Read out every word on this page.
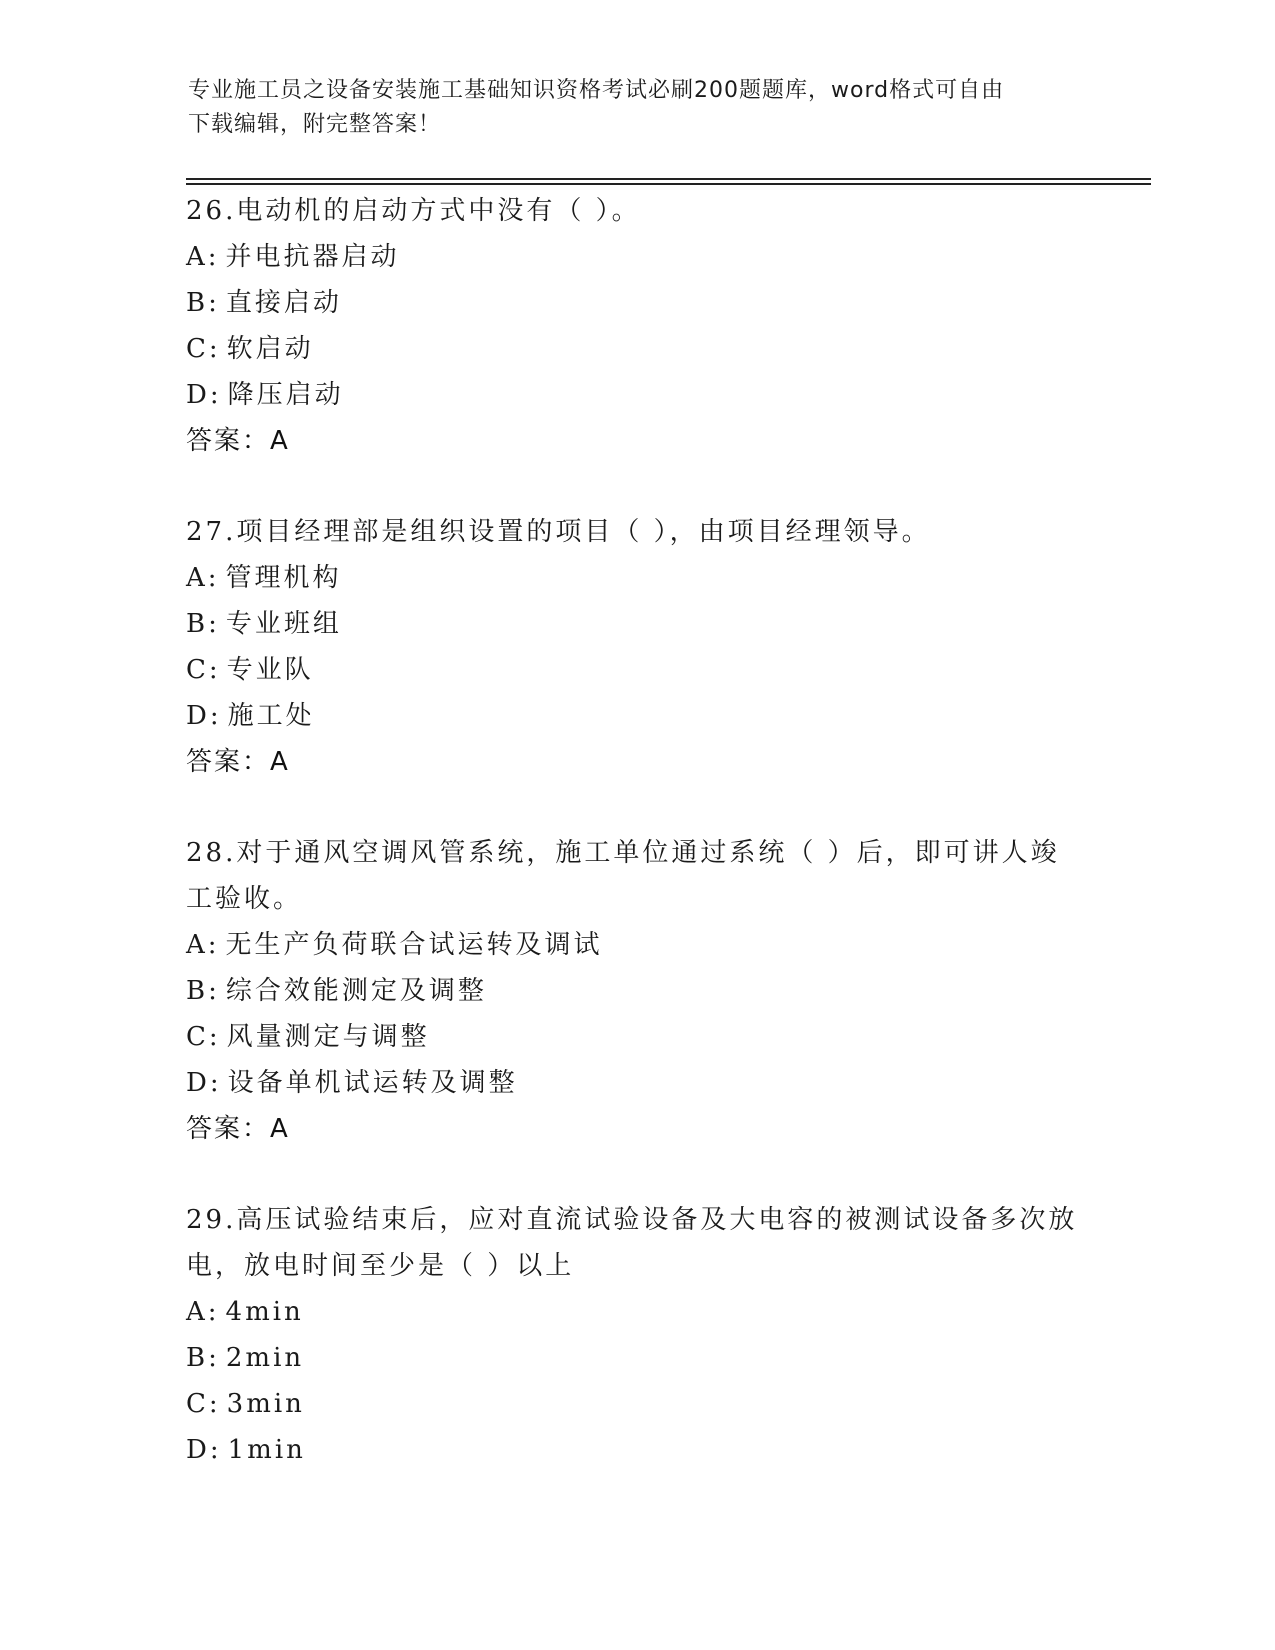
专业施工员之设备安装施工基础知识资格考试必刷200题题库，word格式可自由
下载编辑，附完整答案！
26.电动机的启动方式中没有（ ）。
A: 并电抗器启动
B: 直接启动
C: 软启动
D: 降压启动
答案：A
27.项目经理部是组织设置的项目（ ），由项目经理领导。
A: 管理机构
B: 专业班组
C: 专业队
D: 施工处
答案：A
28.对于通风空调风管系统，施工单位通过系统（ ）后，即可讲人竣
工验收。
A: 无生产负荷联合试运转及调试
B: 综合效能测定及调整
C: 风量测定与调整
D: 设备单机试运转及调整
答案：A
29.高压试验结束后，应对直流试验设备及大电容的被测试设备多次放
电，放电时间至少是（ ）以上
A: 4min
B: 2min
C: 3min
D: 1min
